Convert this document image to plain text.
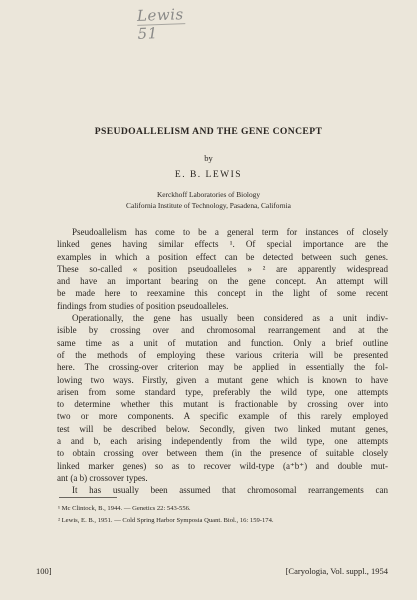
Lewis 51
PSEUDOALLELISM AND THE GENE CONCEPT
by
E. B. LEWIS
Kerckhoff Laboratories of Biology
California Institute of Technology, Pasadena, California

Pseudoallelism has come to be a general term for instances of closely
linked genes having similar effects ¹. Of special importance are the
examples in which a position effect can be detected between such genes.
These so-called « position pseudoalleles » ² are apparently widespread
and have an important bearing on the gene concept. An attempt will
be made here to reexamine this concept in the light of some recent
findings from studies of position pseudoalleles.

Operationally, the gene has usually been considered as a unit indiv-
isible by crossing over and chromosomal rearrangement and at the
same time as a unit of mutation and function. Only a brief outline
of the methods of employing these various criteria will be presented
here. The crossing-over criterion may be applied in essentially the fol-
lowing two ways. Firstly, given a mutant gene which is known to have
arisen from some standard type, preferably the wild type, one attempts
to determine whether this mutant is fractionable by crossing over into
two or more components. A specific example of this rarely employed
test will be described below. Secondly, given two linked mutant genes,
a and b, each arising independently from the wild type, one attempts
to obtain crossing over between them (in the presence of suitable closely
linked marker genes) so as to recover wild-type (a⁺b⁺) and double mut-
ant (a b) crossover types.

It has usually been assumed that chromosomal rearrangements can

¹ Mc Clintock, B., 1944. — Genetics 22: 543-556.
² Lewis, E. B., 1951. — Cold Spring Harbor Symposia Quant. Biol., 16: 159-174.
100]	[Caryologia, Vol. suppl., 1954
